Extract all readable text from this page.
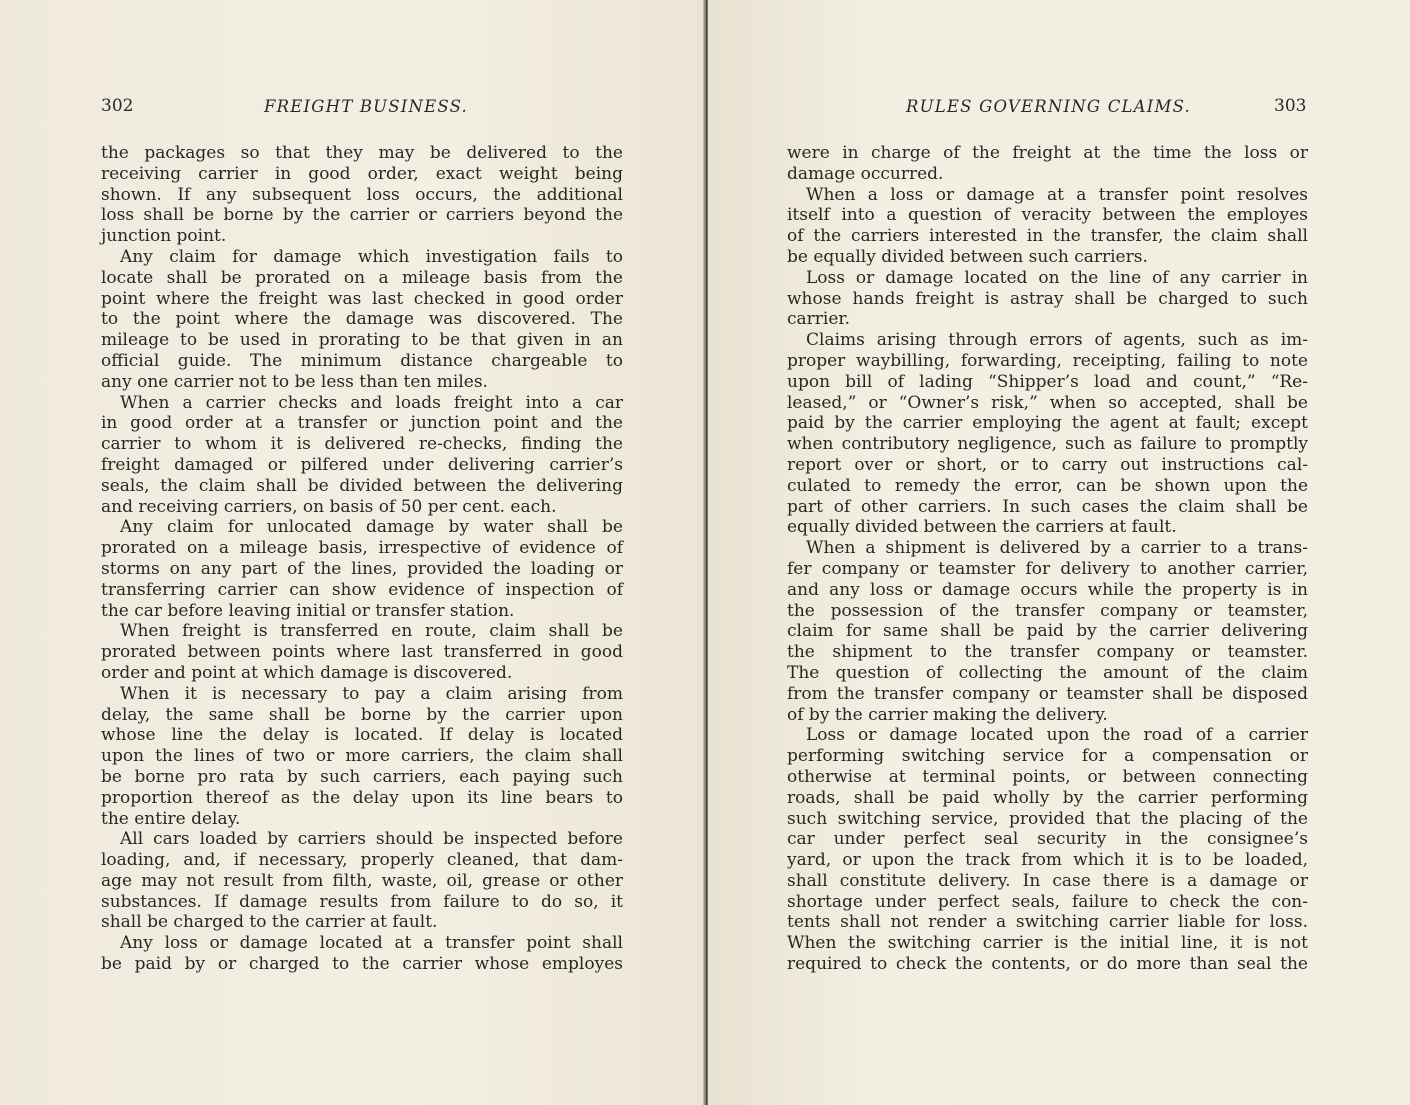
302	FREIGHT BUSINESS.
the packages so that they may be delivered to the
receiving carrier in good order, exact weight being
shown. If any subsequent loss occurs, the additional
loss shall be borne by the carrier or carriers beyond the
junction point.
Any claim for damage which investigation fails to
locate shall be prorated on a mileage basis from the
point where the freight was last checked in good order
to the point where the damage was discovered. The
mileage to be used in prorating to be that given in an
official guide. The minimum distance chargeable to
any one carrier not to be less than ten miles.
When a carrier checks and loads freight into a car
in good order at a transfer or junction point and the
carrier to whom it is delivered re-checks, finding the
freight damaged or pilfered under delivering carrier’s
seals, the claim shall be divided between the delivering
and receiving carriers, on basis of 50 per cent. each.
Any claim for unlocated damage by water shall be
prorated on a mileage basis, irrespective of evidence of
storms on any part of the lines, provided the loading or
transferring carrier can show evidence of inspection of
the car before leaving initial or transfer station.
When freight is transferred en route, claim shall be
prorated between points where last transferred in good
order and point at which damage is discovered.
When it is necessary to pay a claim arising from
delay, the same shall be borne by the carrier upon
whose line the delay is located. If delay is located
upon the lines of two or more carriers, the claim shall
be borne pro rata by such carriers, each paying such
proportion thereof as the delay upon its line bears to
the entire delay.
All cars loaded by carriers should be inspected before
loading, and, if necessary, properly cleaned, that dam-
age may not result from filth, waste, oil, grease or other
substances. If damage results from failure to do so, it
shall be charged to the carrier at fault.
Any loss or damage located at a transfer point shall
be paid by or charged to the carrier whose employes
RULES GOVERNING CLAIMS.	303
were in charge of the freight at the time the loss or
damage occurred.
When a loss or damage at a transfer point resolves
itself into a question of veracity between the employes
of the carriers interested in the transfer, the claim shall
be equally divided between such carriers.
Loss or damage located on the line of any carrier in
whose hands freight is astray shall be charged to such
carrier.
Claims arising through errors of agents, such as im-
proper waybilling, forwarding, receipting, failing to note
upon bill of lading “Shipper’s load and count,” “Re-
leased,” or “Owner’s risk,” when so accepted, shall be
paid by the carrier employing the agent at fault; except
when contributory negligence, such as failure to promptly
report over or short, or to carry out instructions cal-
culated to remedy the error, can be shown upon the
part of other carriers. In such cases the claim shall be
equally divided between the carriers at fault.
When a shipment is delivered by a carrier to a trans-
fer company or teamster for delivery to another carrier,
and any loss or damage occurs while the property is in
the possession of the transfer company or teamster,
claim for same shall be paid by the carrier delivering
the shipment to the transfer company or teamster.
The question of collecting the amount of the claim
from the transfer company or teamster shall be disposed
of by the carrier making the delivery.
Loss or damage located upon the road of a carrier
performing switching service for a compensation or
otherwise at terminal points, or between connecting
roads, shall be paid wholly by the carrier performing
such switching service, provided that the placing of the
car under perfect seal security in the consignee’s
yard, or upon the track from which it is to be loaded,
shall constitute delivery. In case there is a damage or
shortage under perfect seals, failure to check the con-
tents shall not render a switching carrier liable for loss.
When the switching carrier is the initial line, it is not
required to check the contents, or do more than seal the
